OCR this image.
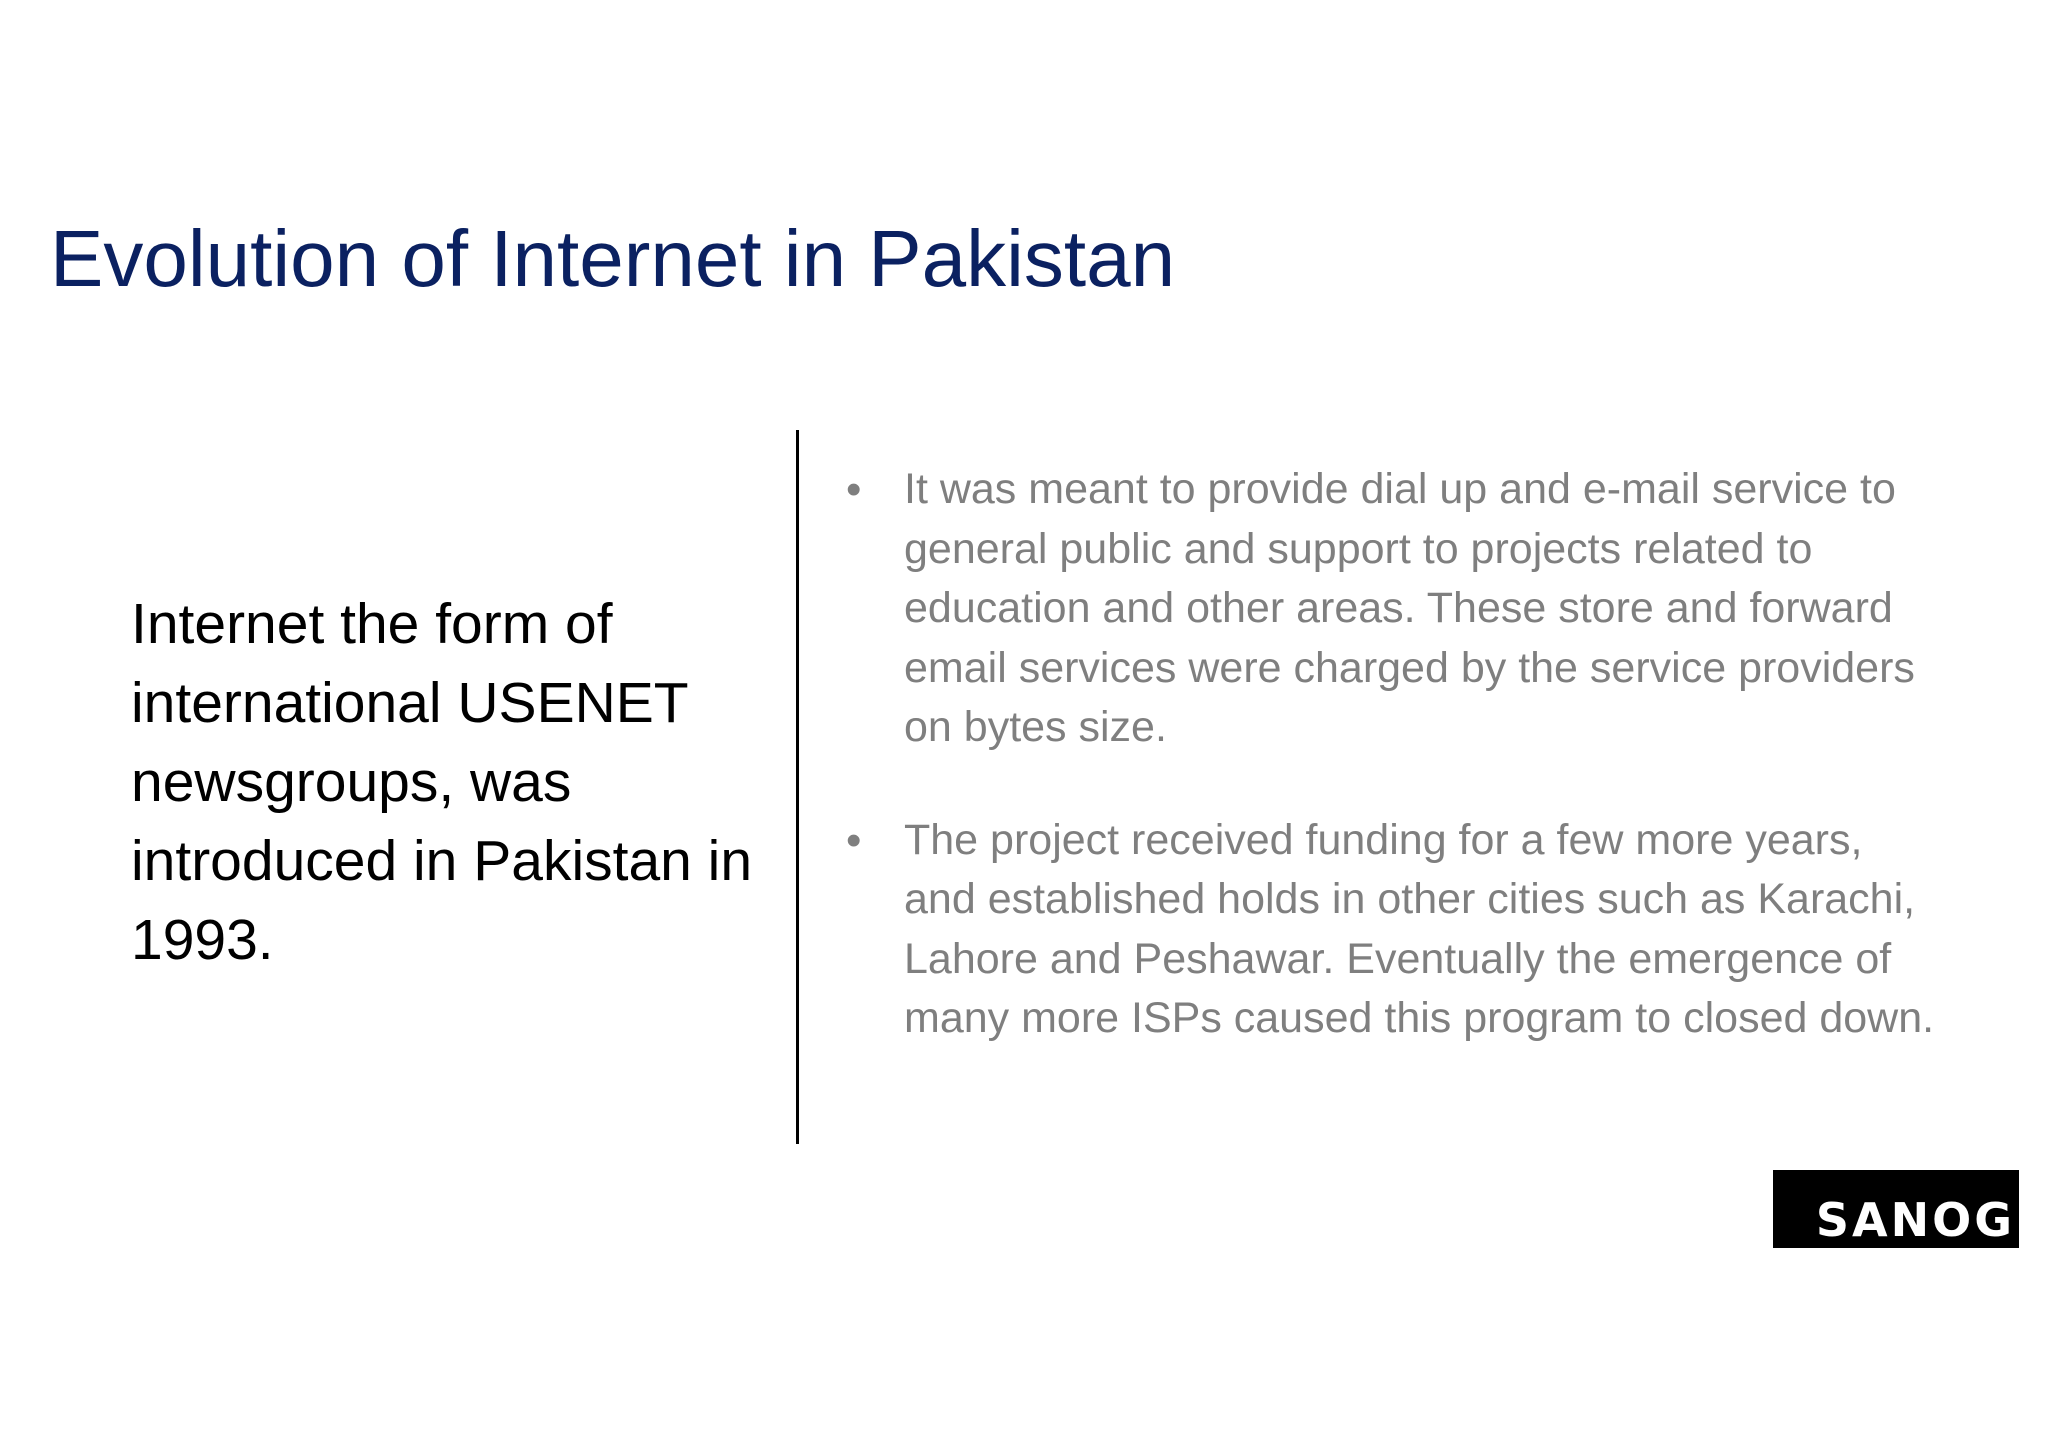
Evolution of Internet in Pakistan

Internet the form of international USENET newsgroups, was introduced in Pakistan in 1993.

• It was meant to provide dial up and e-mail service to general public and support to projects related to education and other areas. These store and forward email services were charged by the service providers on bytes size.
• The project received funding for a few more years, and established holds in other cities such as Karachi, Lahore and Peshawar. Eventually the emergence of many more ISPs caused this program to closed down.
SANOG
